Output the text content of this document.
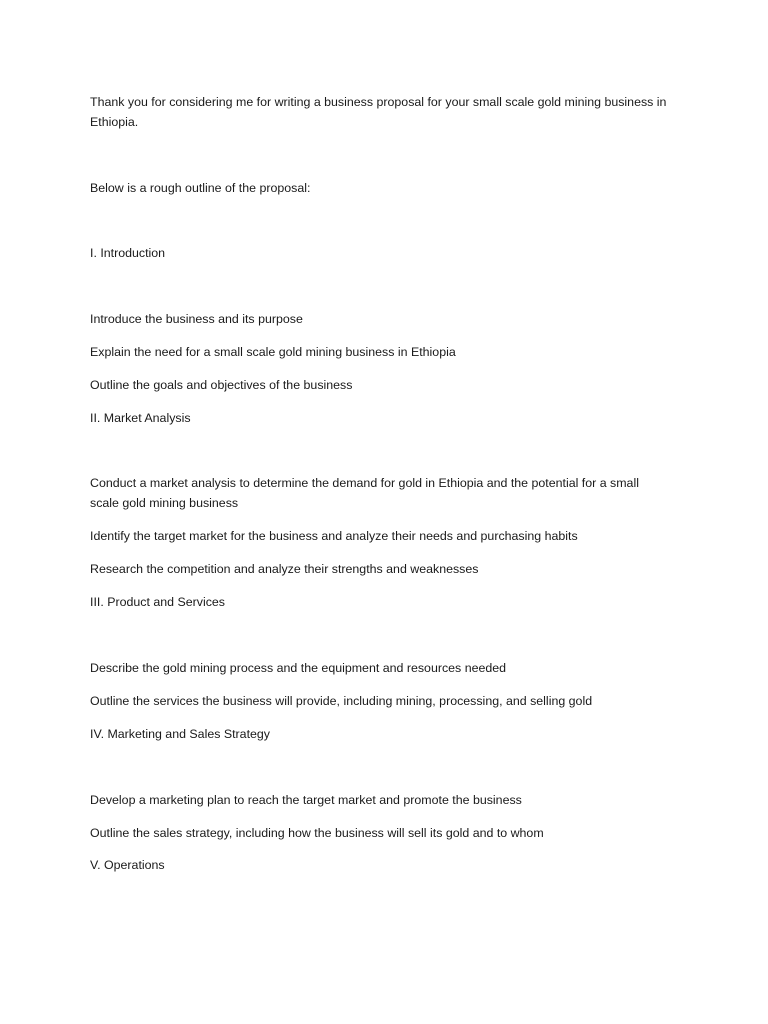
Thank you for considering me for writing a business proposal for your small scale gold mining business in Ethiopia.

Below is a rough outline of the proposal:

I. Introduction

Introduce the business and its purpose

Explain the need for a small scale gold mining business in Ethiopia

Outline the goals and objectives of the business

II. Market Analysis

Conduct a market analysis to determine the demand for gold in Ethiopia and the potential for a small scale gold mining business

Identify the target market for the business and analyze their needs and purchasing habits

Research the competition and analyze their strengths and weaknesses

III. Product and Services

Describe the gold mining process and the equipment and resources needed

Outline the services the business will provide, including mining, processing, and selling gold

IV. Marketing and Sales Strategy

Develop a marketing plan to reach the target market and promote the business

Outline the sales strategy, including how the business will sell its gold and to whom

V. Operations
